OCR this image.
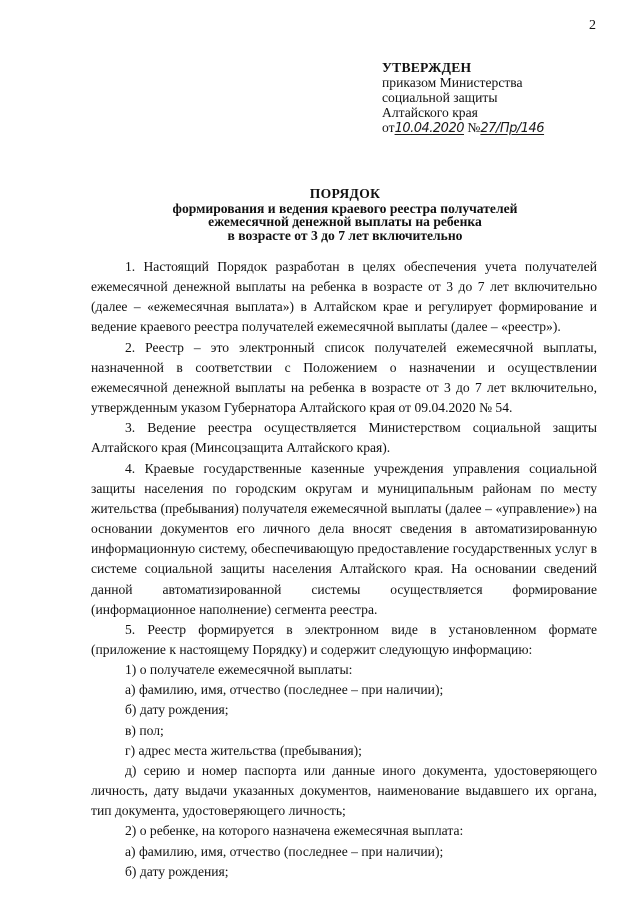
2
УТВЕРЖДЕН
приказом Министерства
социальной защиты
Алтайского края
от10.04.2020 №27/Пр/146
ПОРЯДОК
формирования и ведения краевого реестра получателей
ежемесячной денежной выплаты на ребенка
в возрасте от 3 до 7 лет включительно

1. Настоящий Порядок разработан в целях обеспечения учета получателей ежемесячной денежной выплаты на ребенка в возрасте от 3 до 7 лет включительно (далее – «ежемесячная выплата») в Алтайском крае и регулирует формирование и ведение краевого реестра получателей ежемесячной выплаты (далее – «реестр»).

2. Реестр – это электронный список получателей ежемесячной выплаты, назначенной в соответствии с Положением о назначении и осуществлении ежемесячной денежной выплаты на ребенка в возрасте от 3 до 7 лет включительно, утвержденным указом Губернатора Алтайского края от 09.04.2020 № 54.

3. Ведение реестра осуществляется Министерством социальной защиты Алтайского края (Минсоцзащита Алтайского края).

4. Краевые государственные казенные учреждения управления социальной защиты населения по городским округам и муниципальным районам по месту жительства (пребывания) получателя ежемесячной выплаты (далее – «управление») на основании документов его личного дела вносят сведения в автоматизированную информационную систему, обеспечивающую предоставление государственных услуг в системе социальной защиты населения Алтайского края. На основании сведений данной автоматизированной системы осуществляется формирование (информационное наполнение) сегмента реестра.

5. Реестр формируется в электронном виде в установленном формате (приложение к настоящему Порядку) и содержит следующую информацию:

1) о получателе ежемесячной выплаты:

а) фамилию, имя, отчество (последнее – при наличии);

б) дату рождения;

в) пол;

г) адрес места жительства (пребывания);

д) серию и номер паспорта или данные иного документа, удостоверяющего личность, дату выдачи указанных документов, наименование выдавшего их органа, тип документа, удостоверяющего личность;

2) о ребенке, на которого назначена ежемесячная выплата:

а) фамилию, имя, отчество (последнее – при наличии);

б) дату рождения;
